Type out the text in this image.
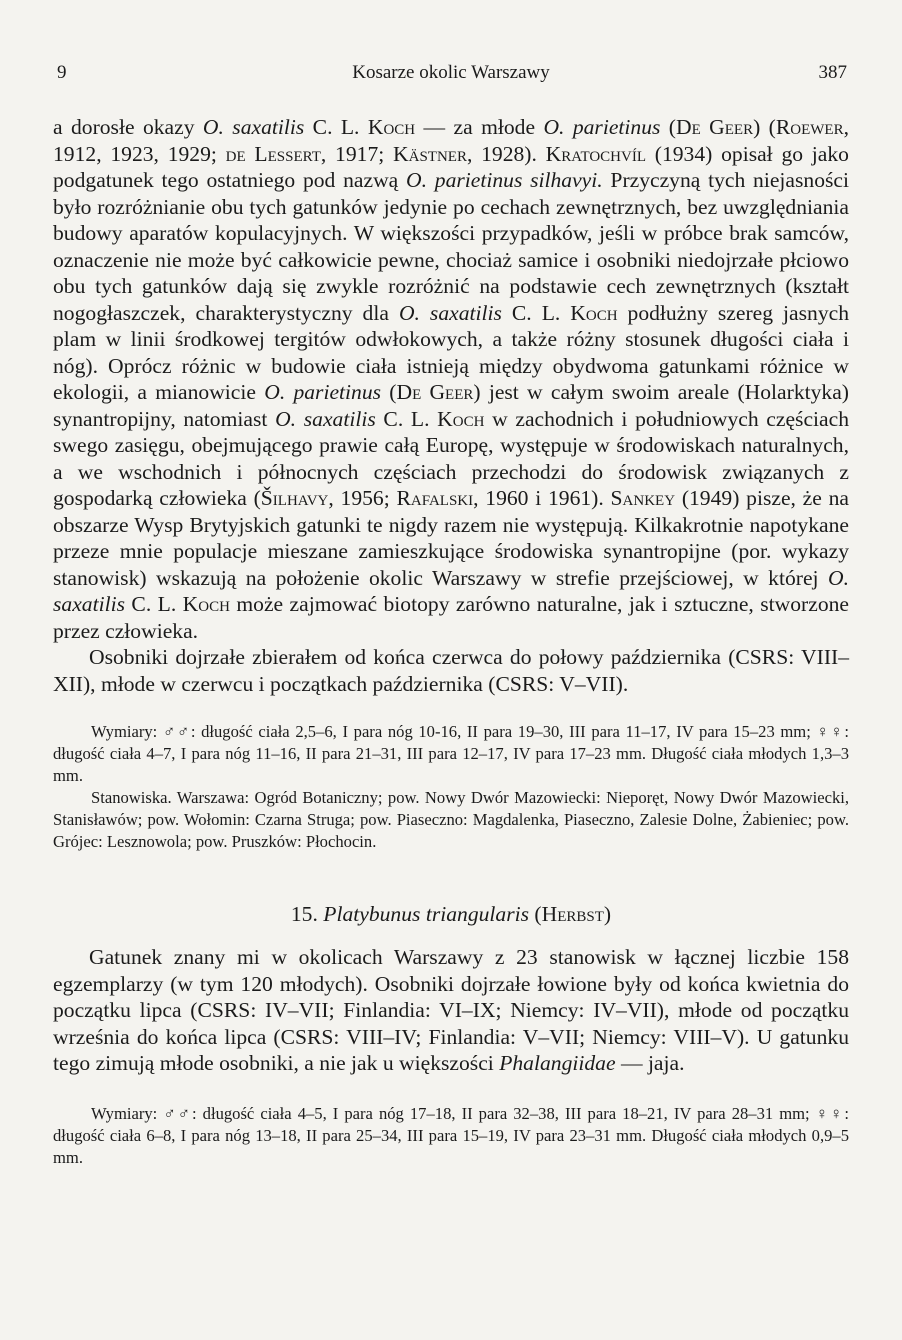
9	Kosarze okolic Warszawy	387

a dorosłe okazy O. saxatilis C. L. Koch — za młode O. parietinus (De Geer) (Roewer, 1912, 1923, 1929; de Lessert, 1917; Kästner, 1928). Kratochvíl (1934) opisał go jako podgatunek tego ostatniego pod nazwą O. parietinus silhavyi. Przyczyną tych niejasności było rozróżnianie obu tych gatunków jedynie po cechach zewnętrznych, bez uwzględniania budowy aparatów kopulacyjnych. W większości przypadków, jeśli w próbce brak samców, oznaczenie nie może być całkowicie pewne, chociaż samice i osobniki niedojrzałe płciowo obu tych gatunków dają się zwykle rozróżnić na podstawie cech zewnętrznych (kształt nogogłaszczek, charakterystyczny dla O. saxatilis C. L. Koch podłużny szereg jasnych plam w linii środkowej tergitów odwłokowych, a także różny stosunek długości ciała i nóg). Oprócz różnic w budowie ciała istnieją między obydwoma gatunkami różnice w ekologii, a mianowicie O. parietinus (De Geer) jest w całym swoim areale (Holarktyka) synantropijny, natomiast O. saxatilis C. L. Koch w zachodnich i południowych częściach swego zasięgu, obejmującego prawie całą Europę, występuje w środowiskach naturalnych, a we wschodnich i północnych częściach przechodzi do środowisk związanych z gospodarką człowieka (Šilhavy, 1956; Rafalski, 1960 i 1961). Sankey (1949) pisze, że na obszarze Wysp Brytyjskich gatunki te nigdy razem nie występują. Kilkakrotnie napotykane przeze mnie populacje mieszane zamieszkujące środowiska synantropijne (por. wykazy stanowisk) wskazują na położenie okolic Warszawy w strefie przejściowej, w której O. saxatilis C. L. Koch może zajmować biotopy zarówno naturalne, jak i sztuczne, stworzone przez człowieka.

Osobniki dojrzałe zbierałem od końca czerwca do połowy października (CSRS: VIII–XII), młode w czerwcu i początkach października (CSRS: V–VII).

Wymiary: ♂♂: długość ciała 2,5–6, I para nóg 10-16, II para 19–30, III para 11–17, IV para 15–23 mm; ♀♀: długość ciała 4–7, I para nóg 11–16, II para 21–31, III para 12–17, IV para 17–23 mm. Długość ciała młodych 1,3–3 mm.

Stanowiska. Warszawa: Ogród Botaniczny; pow. Nowy Dwór Mazowiecki: Nieporęt, Nowy Dwór Mazowiecki, Stanisławów; pow. Wołomin: Czarna Struga; pow. Piaseczno: Magdalenka, Piaseczno, Zalesie Dolne, Żabieniec; pow. Grójec: Lesznowola; pow. Pruszków: Płochocin.

15. Platybunus triangularis (Herbst)

Gatunek znany mi w okolicach Warszawy z 23 stanowisk w łącznej liczbie 158 egzemplarzy (w tym 120 młodych). Osobniki dojrzałe łowione były od końca kwietnia do początku lipca (CSRS: IV–VII; Finlandia: VI–IX; Niemcy: IV–VII), młode od początku września do końca lipca (CSRS: VIII–IV; Finlandia: V–VII; Niemcy: VIII–V). U gatunku tego zimują młode osobniki, a nie jak u większości Phalangiidae — jaja.

Wymiary: ♂♂: długość ciała 4–5, I para nóg 17–18, II para 32–38, III para 18–21, IV para 28–31 mm; ♀♀: długość ciała 6–8, I para nóg 13–18, II para 25–34, III para 15–19, IV para 23–31 mm. Długość ciała młodych 0,9–5 mm.
